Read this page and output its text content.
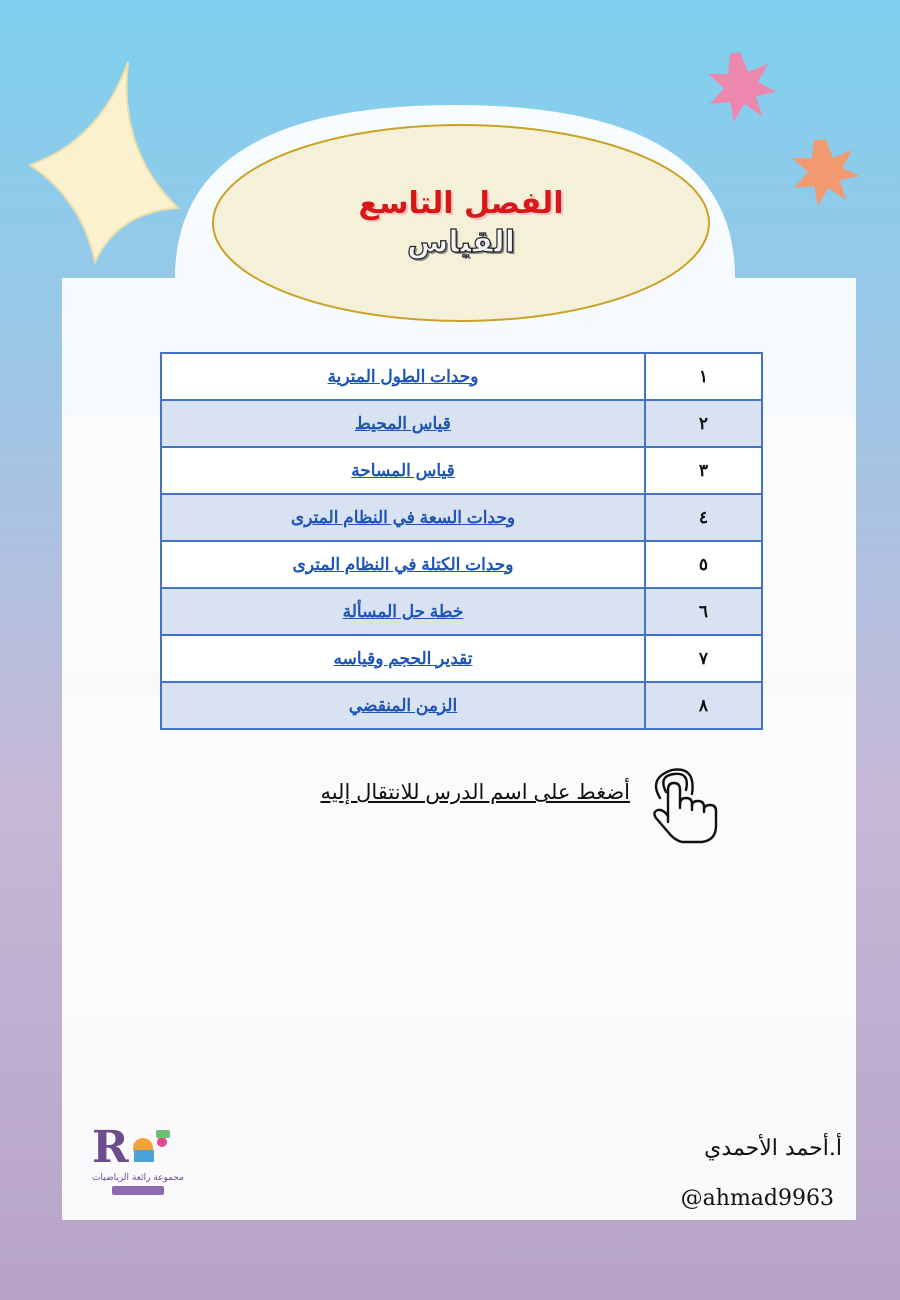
الفصل التاسع
القياس
١	وحدات الطول المترية
٢	قياس المحيط
٣	قياس المساحة
٤	وحدات السعة في النظام المترى
٥	وحدات الكتلة في النظام المترى
٦	خطة حل المسألة
٧	تقدير الحجم وقياسه
٨	الزمن المنقضي
أضغط على اسم الدرس للانتقال إليه
R
مجموعة رائعة الرياضيات
أ.أحمد الأحمدي
@ahmad9963
